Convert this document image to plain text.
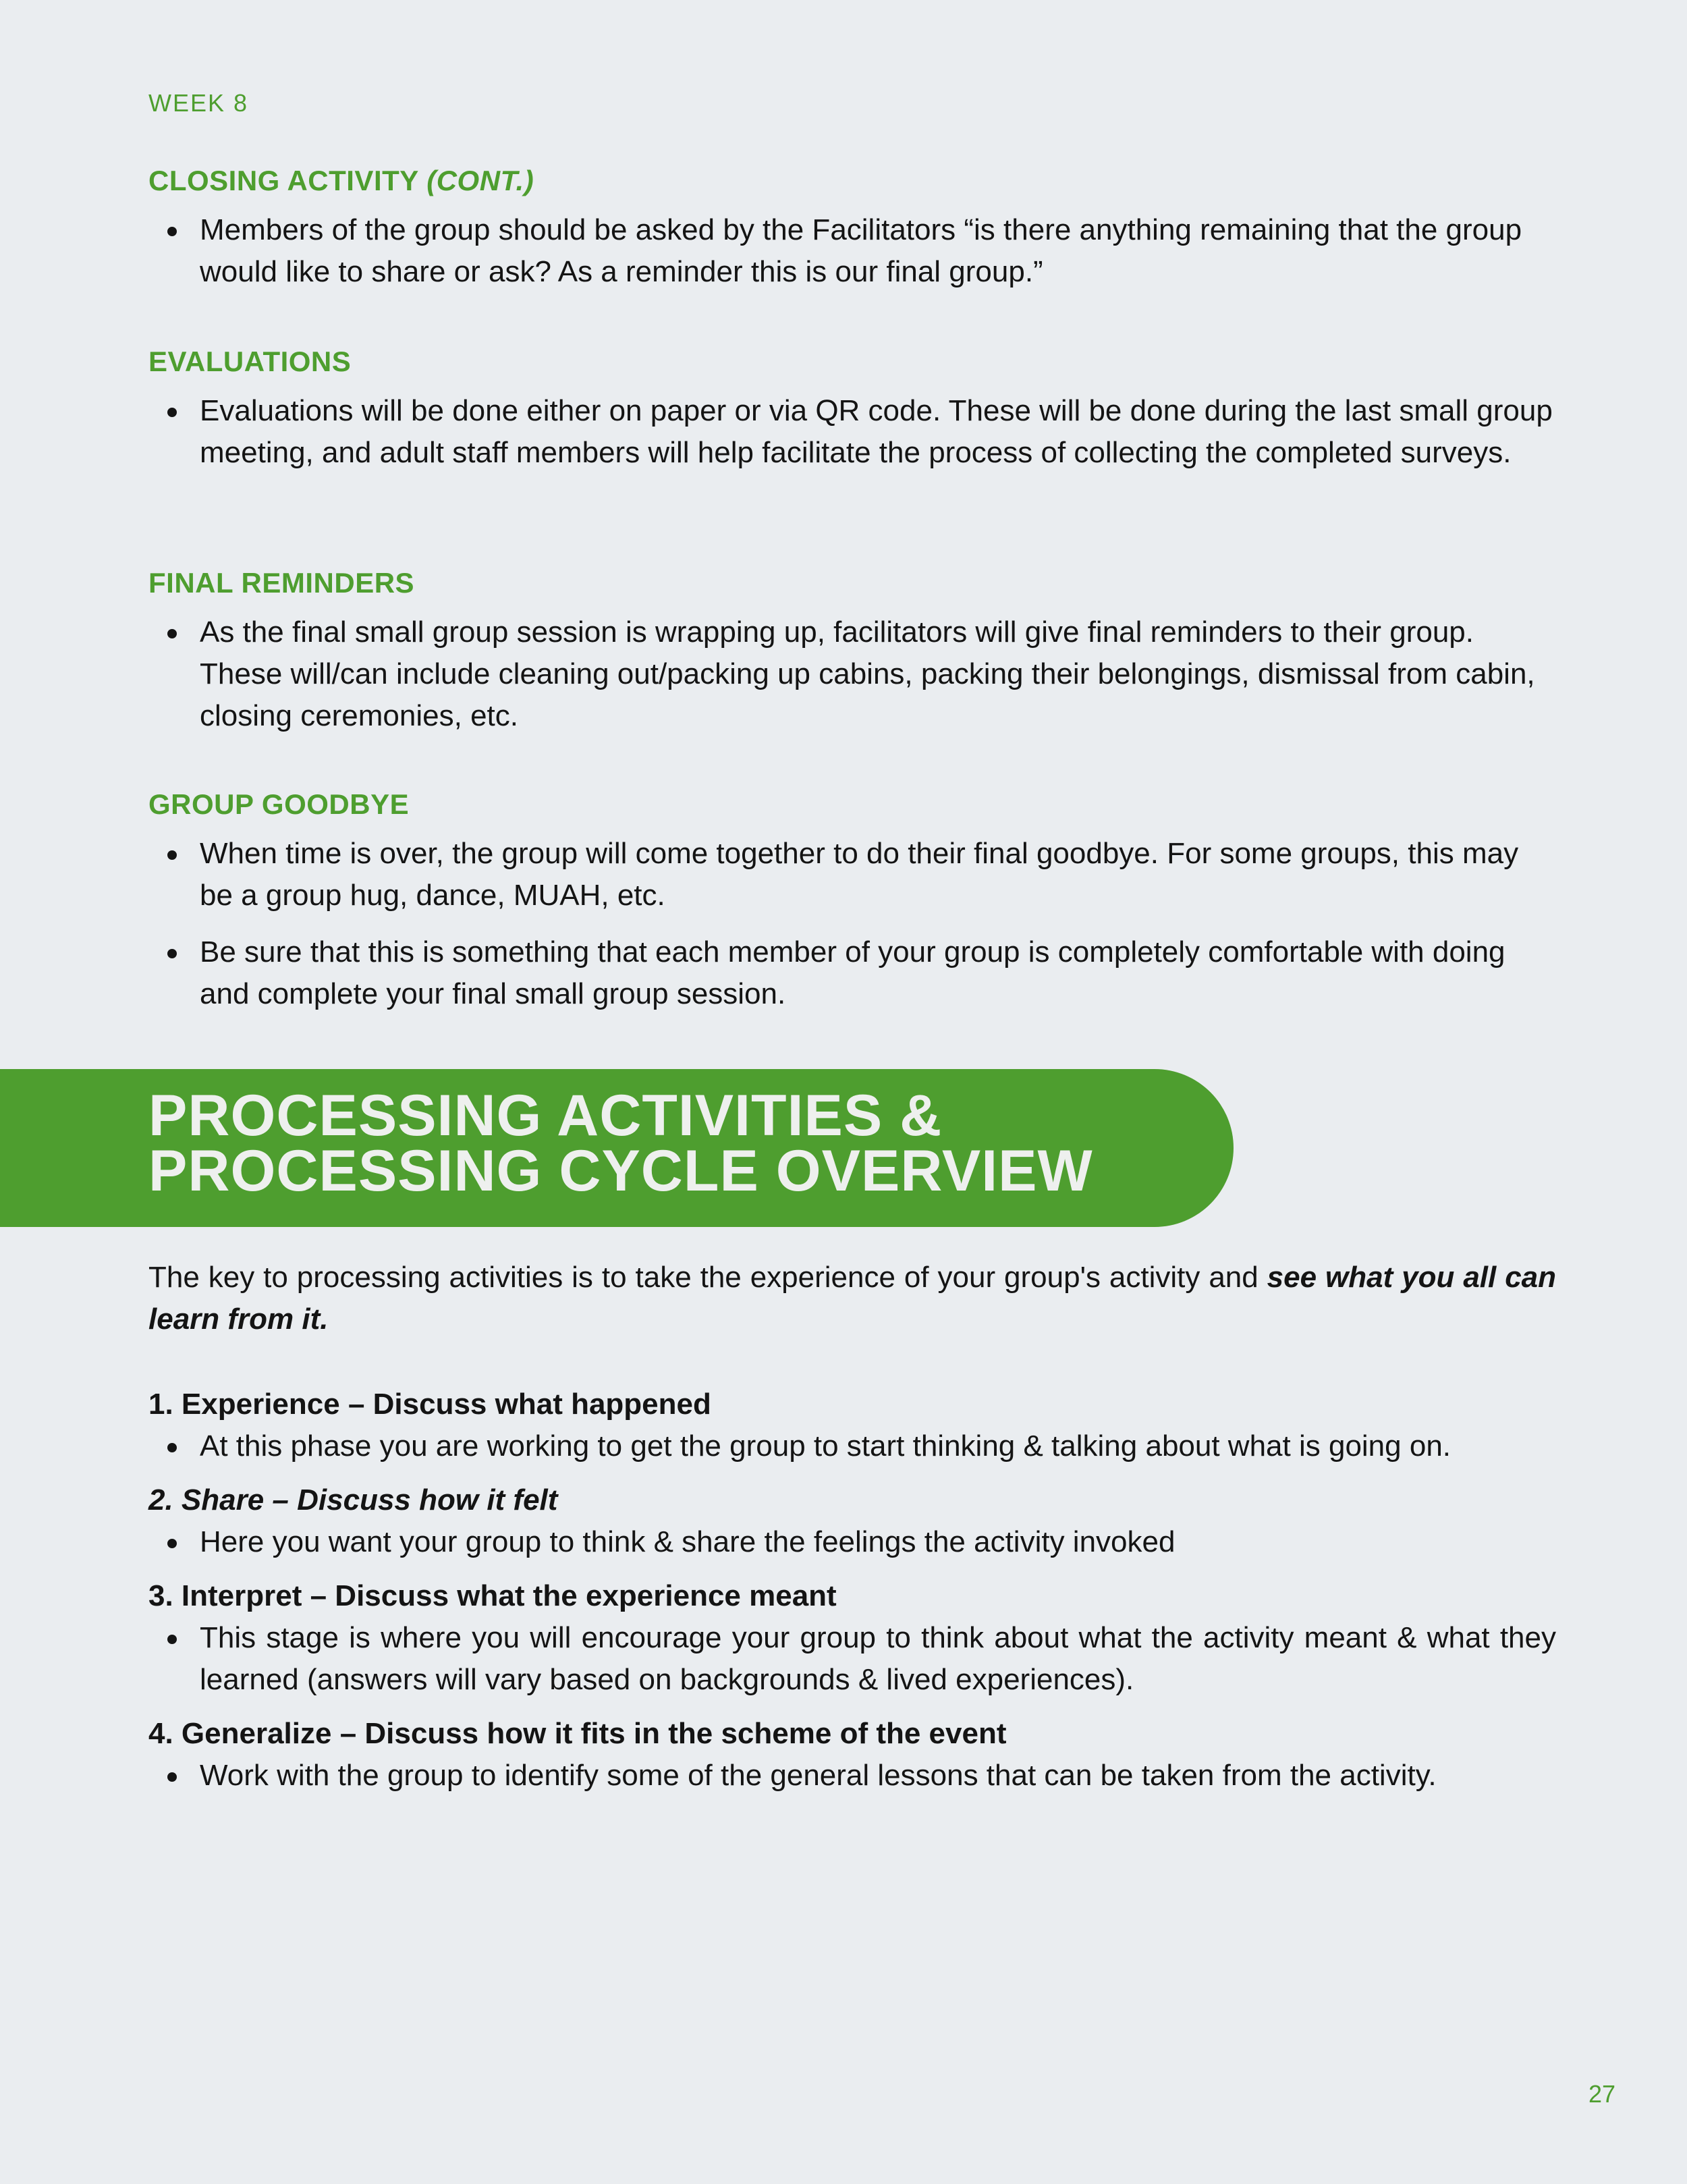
WEEK 8
CLOSING ACTIVITY (CONT.)
Members of the group should be asked by the Facilitators “is there anything remaining that the group would like to share or ask? As a reminder this is our final group.”
EVALUATIONS
Evaluations will be done either on paper or via QR code. These will be done during the last small group meeting, and adult staff members will help facilitate the process of collecting the completed surveys.
FINAL REMINDERS
As the final small group session is wrapping up, facilitators will give final reminders to their group. These will/can include cleaning out/packing up cabins, packing their belongings, dismissal from cabin, closing ceremonies, etc.
GROUP GOODBYE
When time is over, the group will come together to do their final goodbye. For some groups, this may be a group hug, dance, MUAH, etc.
Be sure that this is something that each member of your group is completely comfortable with doing and complete your final small group session.
PROCESSING ACTIVITIES &
PROCESSING CYCLE OVERVIEW

The key to processing activities is to take the experience of your group's activity and see what you all can learn from it.

1. Experience – Discuss what happened

At this phase you are working to get the group to start thinking & talking about what is going on.

2. Share – Discuss how it felt

Here you want your group to think & share the feelings the activity invoked

3. Interpret – Discuss what the experience meant

This stage is where you will encourage your group to think about what the activity meant & what they learned (answers will vary based on backgrounds & lived experiences).

4. Generalize – Discuss how it fits in the scheme of the event

Work with the group to identify some of the general lessons that can be taken from the activity.
27
